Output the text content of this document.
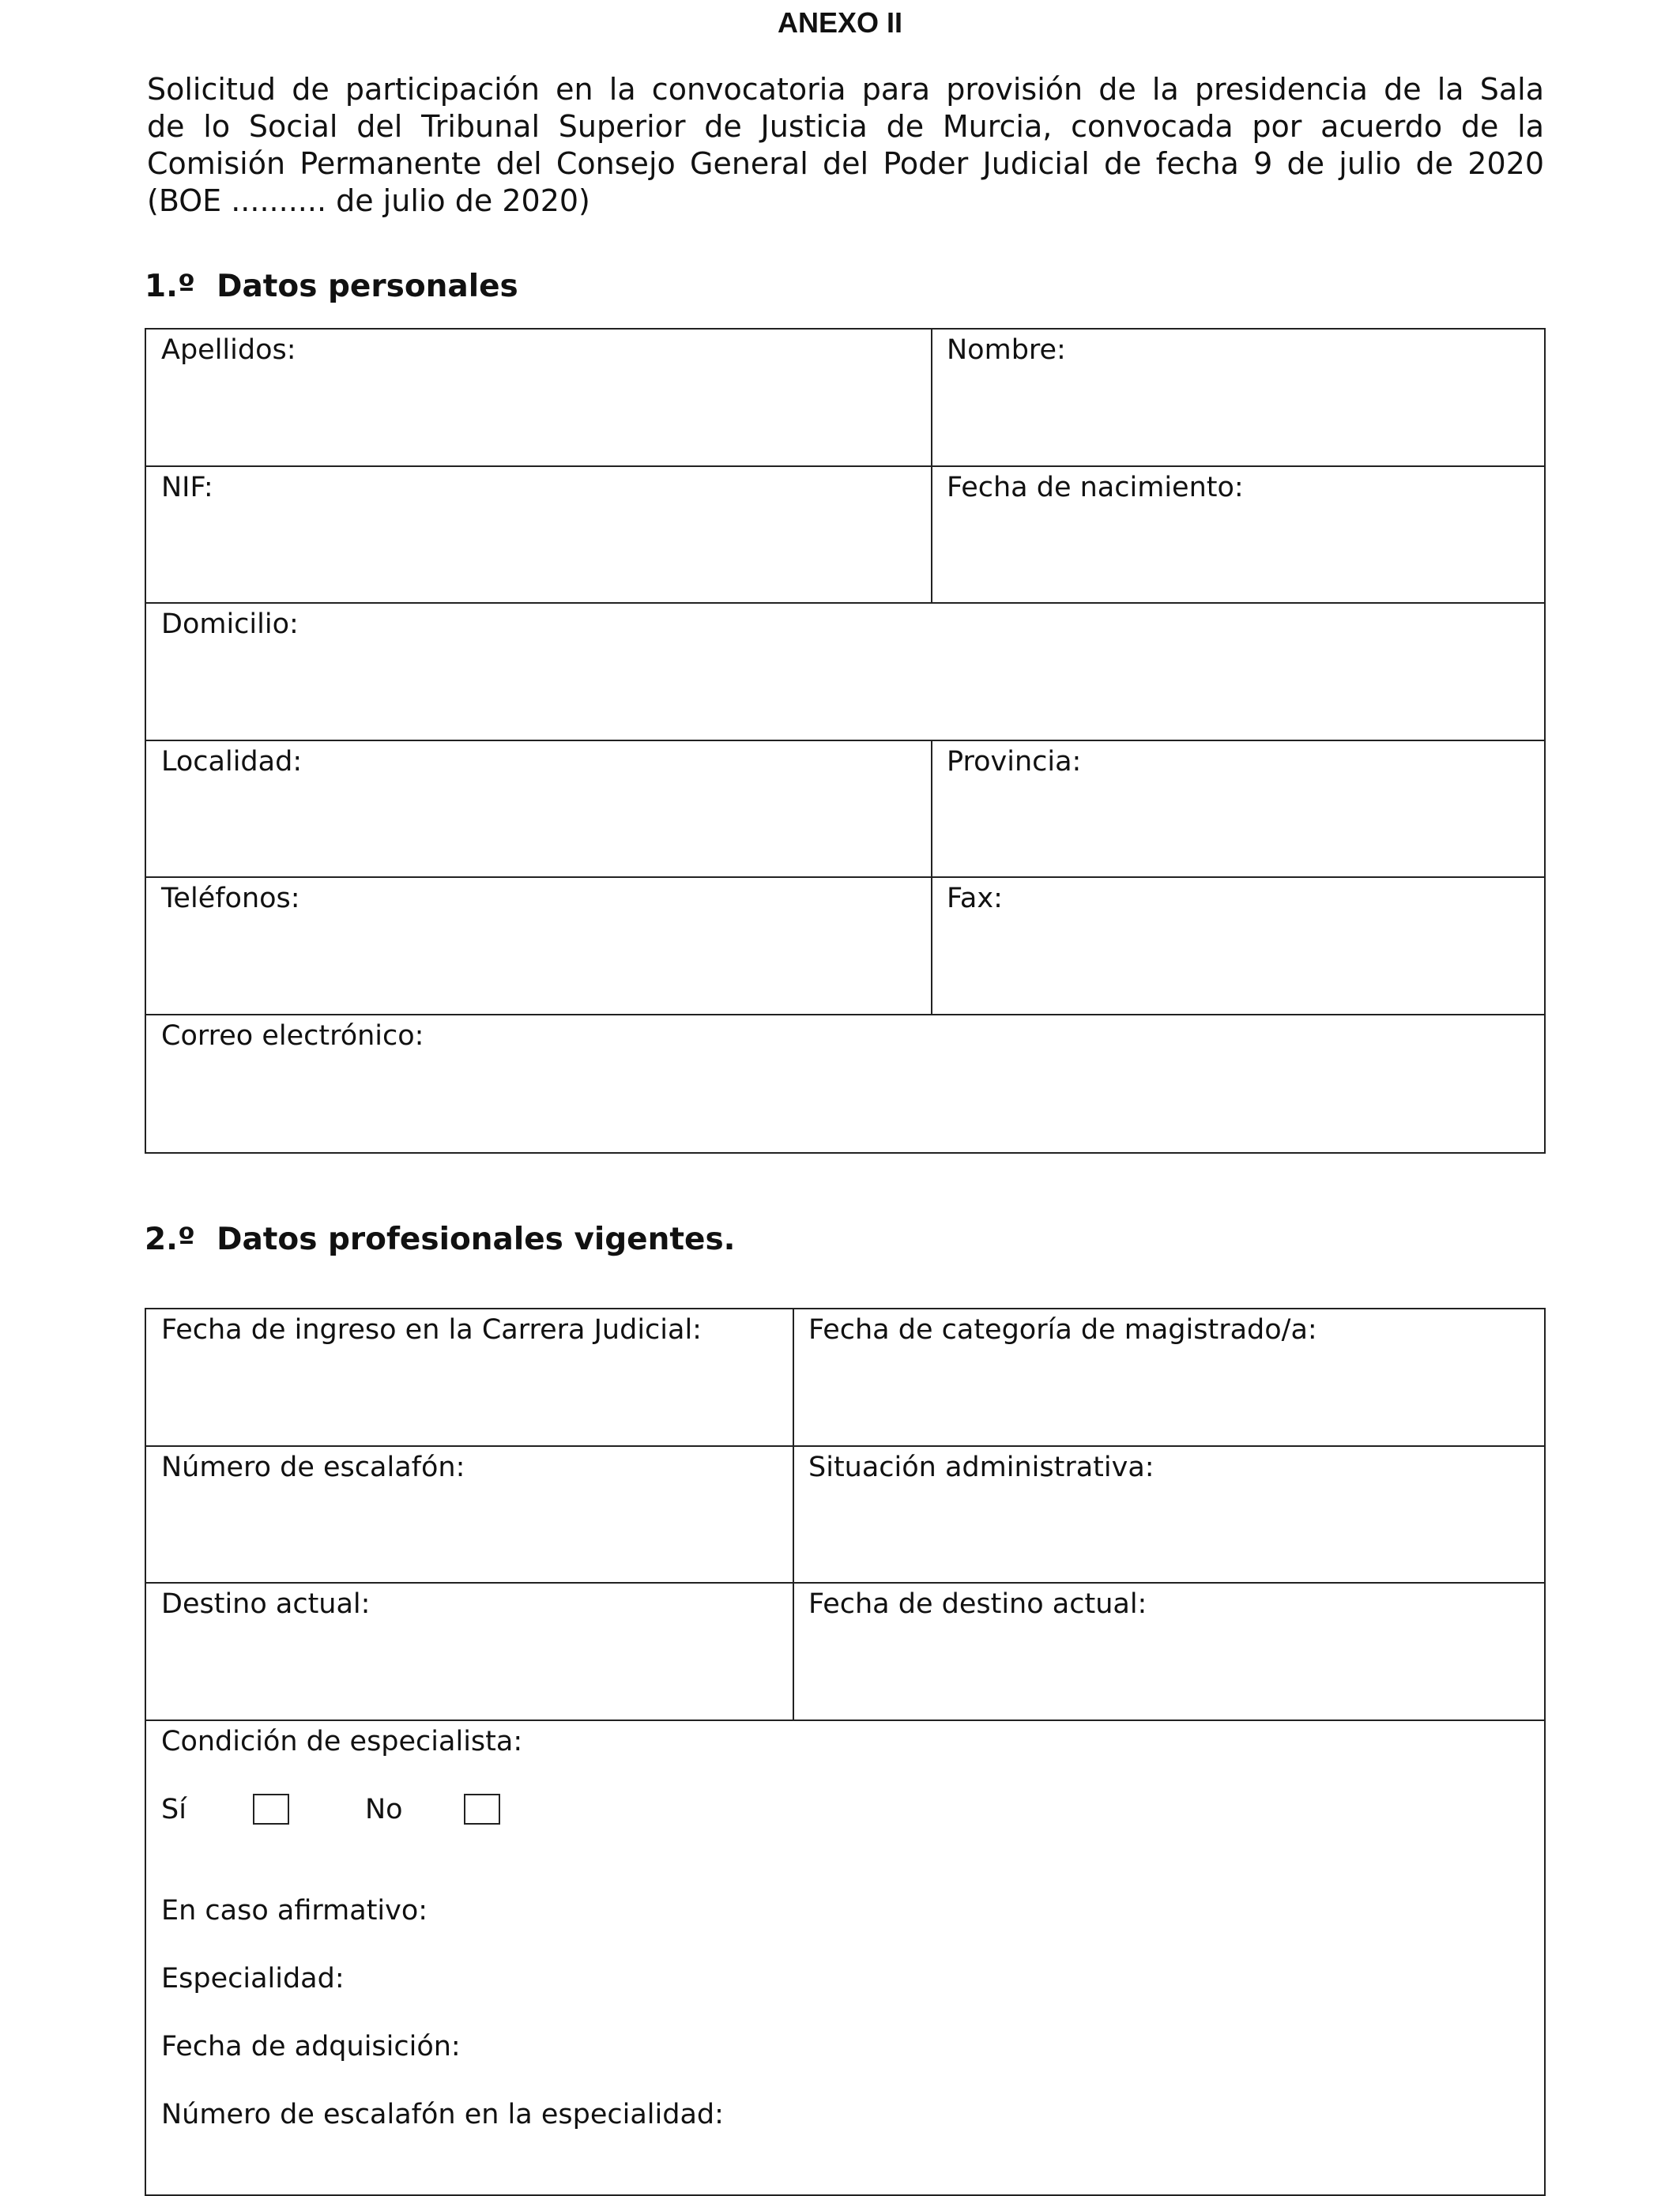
ANEXO II
Solicitud de participación en la convocatoria para provisión de la presidencia de la Sala
de lo Social del Tribunal Superior de Justicia de Murcia, convocada por acuerdo de la
Comisión Permanente del Consejo General del Poder Judicial de fecha 9 de julio de 2020
(BOE .......... de julio de 2020)
1.º  Datos personales
Apellidos:	Nombre:
NIF:	Fecha de nacimiento:
Domicilio:
Localidad:	Provincia:
Teléfonos:	Fax:
Correo electrónico:
2.º  Datos profesionales vigentes.
Fecha de ingreso en la Carrera Judicial:	Fecha de categoría de magistrado/a:
Número de escalafón:	Situación administrativa:
Destino actual:	Fecha de destino actual:
Condición de especialista:
Sí	No
En caso afirmativo:
Especialidad:
Fecha de adquisición:
Número de escalafón en la especialidad:
